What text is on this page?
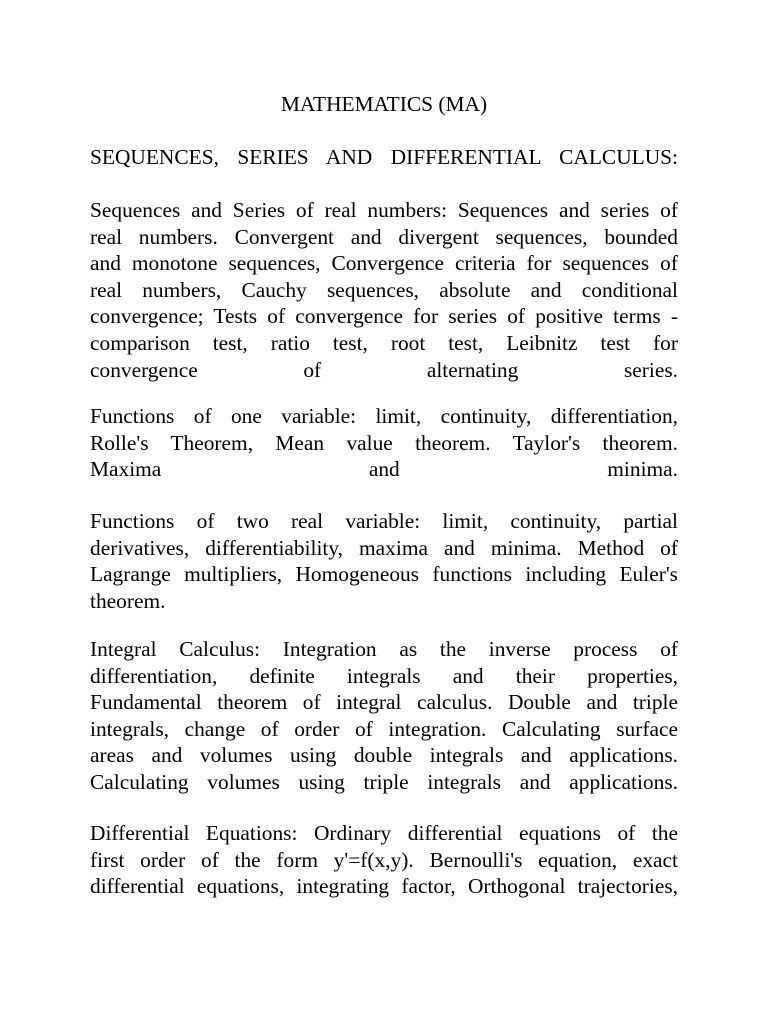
MATHEMATICS (MA)
SEQUENCES, SERIES AND DIFFERENTIAL CALCULUS:
Sequences and Series of real numbers: Sequences and series of
real numbers. Convergent and divergent sequences, bounded
and monotone sequences, Convergence criteria for sequences of
real numbers, Cauchy sequences, absolute and conditional
convergence; Tests of convergence for series of positive terms -
comparison test, ratio test, root test, Leibnitz test for
convergence of alternating series.
Functions of one variable: limit, continuity, differentiation,
Rolle's Theorem, Mean value theorem. Taylor's theorem.
Maxima and minima.
Functions of two real variable: limit, continuity, partial
derivatives, differentiability, maxima and minima. Method of
Lagrange multipliers, Homogeneous functions including Euler's
theorem.
Integral Calculus: Integration as the inverse process of
differentiation, definite integrals and their properties,
Fundamental theorem of integral calculus. Double and triple
integrals, change of order of integration. Calculating surface
areas and volumes using double integrals and applications.
Calculating volumes using triple integrals and applications.
Differential Equations: Ordinary differential equations of the
first order of the form y'=f(x,y). Bernoulli's equation, exact
differential equations, integrating factor, Orthogonal trajectories,
